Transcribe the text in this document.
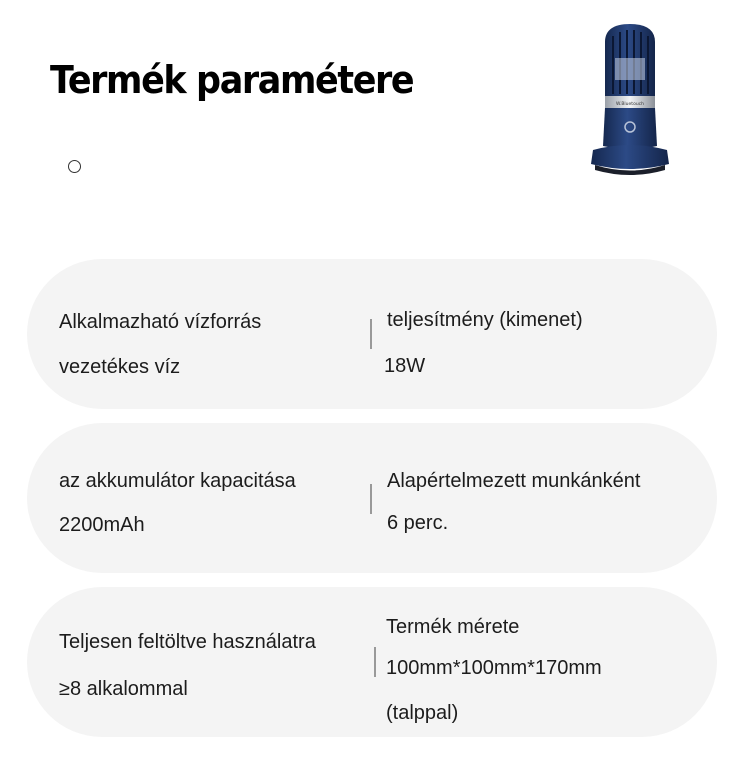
Termék paramétere
W.Bluetouch
Alkalmazható vízforrás
vezetékes víz
teljesítmény (kimenet)
18W
az akkumulátor kapacitása
2200mAh
Alapértelmezett munkánként
6 perc.
Teljesen feltöltve használatra
≥8 alkalommal
Termék mérete
100mm*100mm*170mm
(talppal)
